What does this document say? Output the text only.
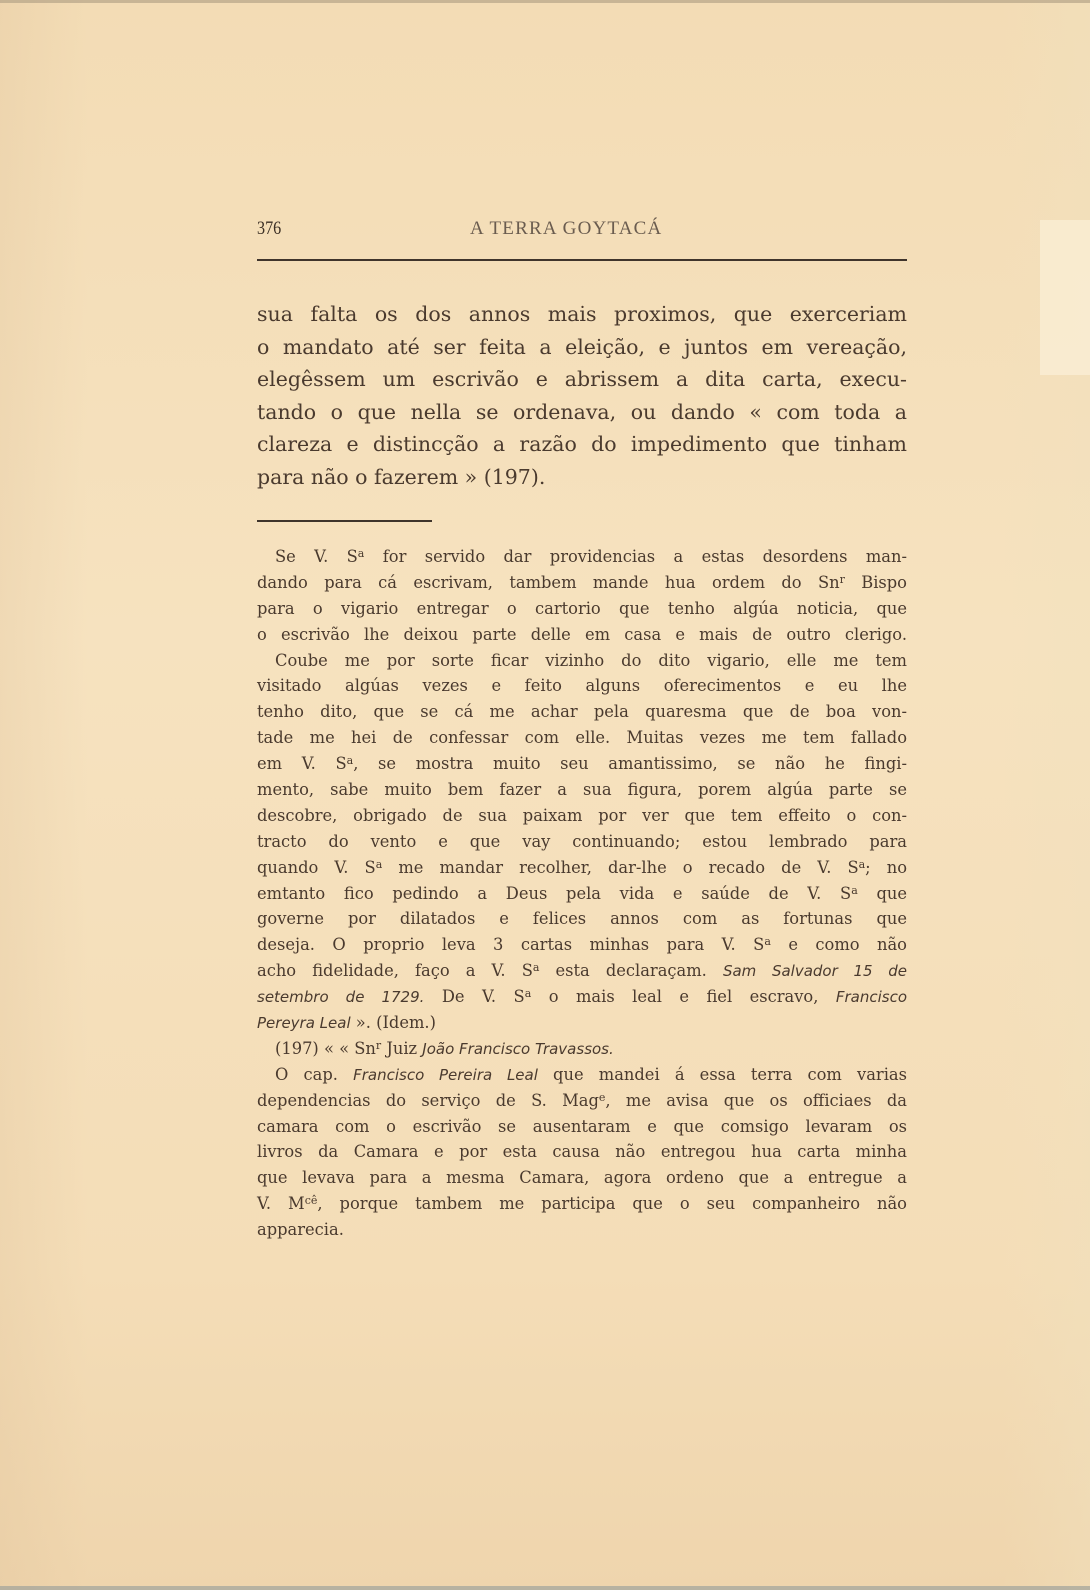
376	A TERRA GOYTACÁ
sua falta os dos annos mais proximos, que exerceriam
o mandato até ser feita a eleição, e juntos em vereação,
elegêssem um escrivão e abrissem a dita carta, execu-
tando o que nella se ordenava, ou dando « com toda a
clareza e distincção a razão do impedimento que tinham
para não o fazerem » (197).
Se V. $S^a$ for servido dar providencias a estas desordens man-
dando para cá escrivam, tambem mande hua ordem do Sn$^r$ Bispo
para o vigario entregar o cartorio que tenho algúa noticia, que
o escrivão lhe deixou parte delle em casa e mais de outro clerigo.
Coube me por sorte ficar vizinho do dito vigario, elle me tem
visitado algúas vezes e feito alguns oferecimentos e eu lhe
tenho dito, que se cá me achar pela quaresma que de boa von-
tade me hei de confessar com elle. Muitas vezes me tem fallado
em V. $S^a$, se mostra muito seu amantissimo, se não he fingi-
mento, sabe muito bem fazer a sua figura, porem algúa parte se
descobre, obrigado de sua paixam por ver que tem effeito o con-
tracto do vento e que vay continuando; estou lembrado para
quando V. $S^a$ me mandar recolher, dar-lhe o recado de V. $S^a$; no
emtanto fico pedindo a Deus pela vida e saúde de V. $S^a$ que
governe por dilatados e felices annos com as fortunas que
deseja. O proprio leva 3 cartas minhas para V. $S^a$ e como não
acho fidelidade, faço a V. $S^a$ esta declaraçam. Sam Salvador 15 de
setembro de 1729. De V. $S^a$ o mais leal e fiel escravo, Francisco
Pereyra Leal ». (Idem.)
(197) « « Sn$^r$ Juiz João Francisco Travassos.
O cap. Francisco Pereira Leal que mandei á essa terra com varias
dependencias do serviço de S. Mag$^e$, me avisa que os officiaes da
camara com o escrivão se ausentaram e que comsigo levaram os
livros da Camara e por esta causa não entregou hua carta minha
que levava para a mesma Camara, agora ordeno que a entregue a
V. $M^{cê}$, porque tambem me participa que o seu companheiro não
apparecia.
